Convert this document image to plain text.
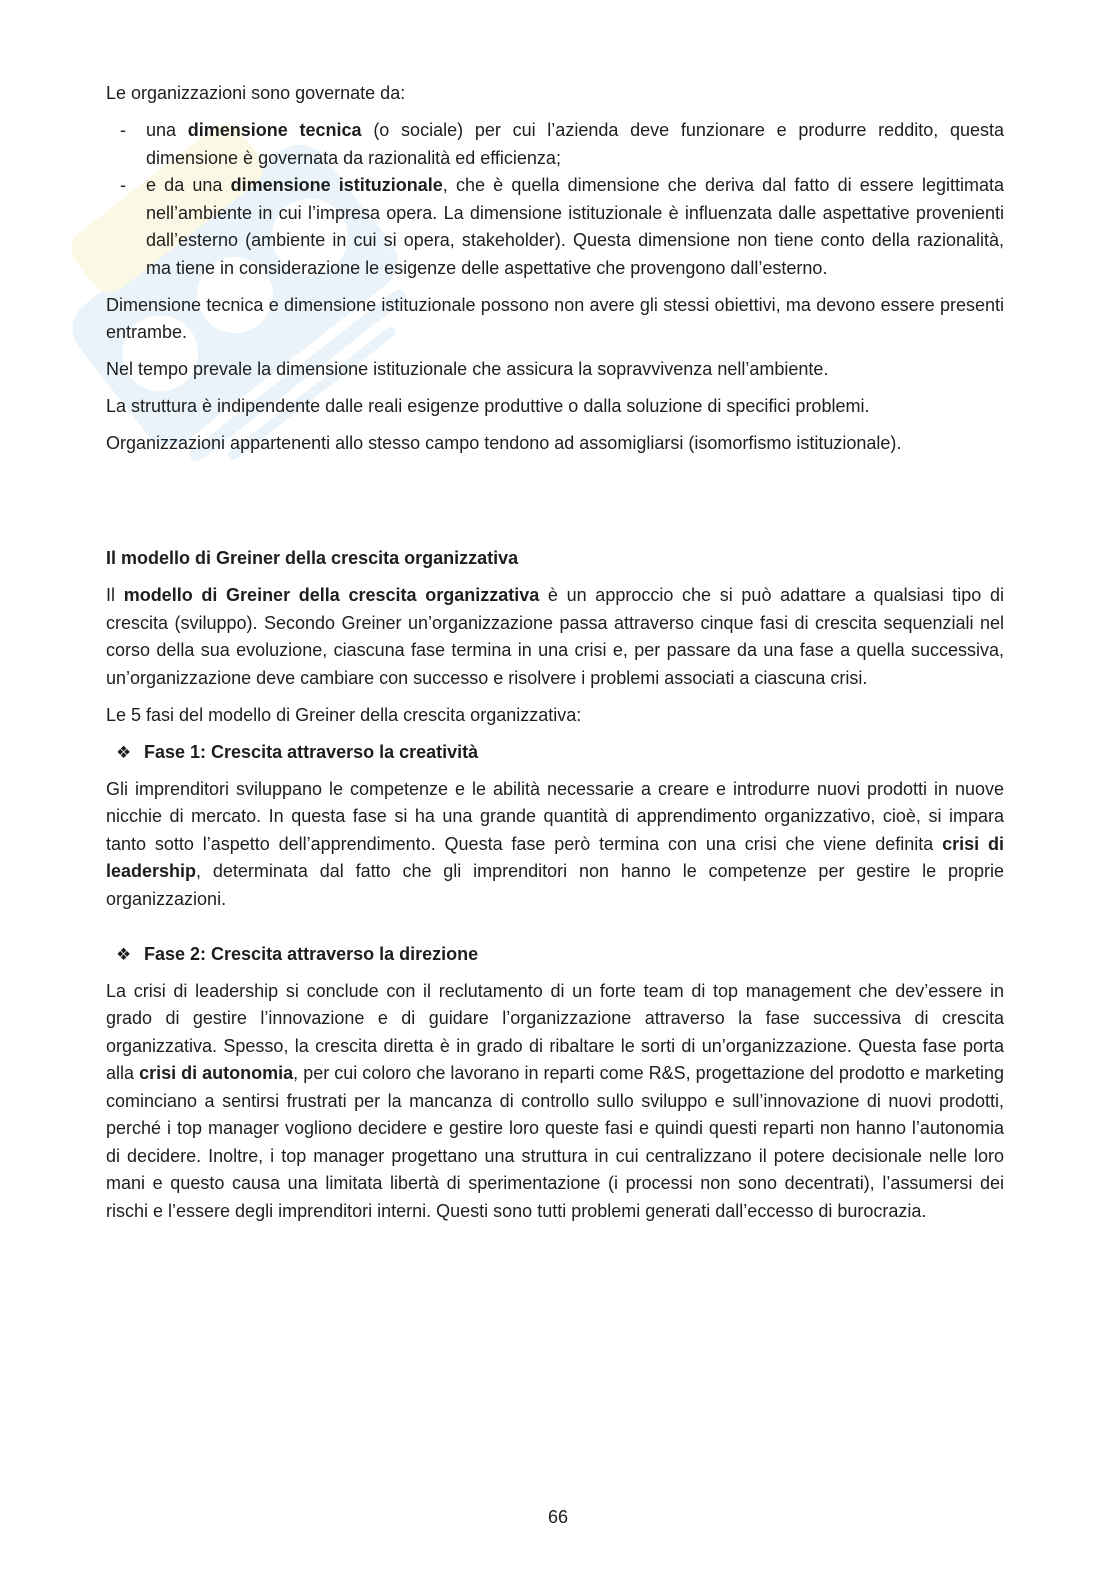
Le organizzazioni sono governate da:

- una dimensione tecnica (o sociale) per cui l’azienda deve funzionare e produrre reddito, questa dimensione è governata da razionalità ed efficienza;
- e da una dimensione istituzionale, che è quella dimensione che deriva dal fatto di essere legittimata nell’ambiente in cui l’impresa opera. La dimensione istituzionale è influenzata dalle aspettative provenienti dall’esterno (ambiente in cui si opera, stakeholder). Questa dimensione non tiene conto della razionalità, ma tiene in considerazione le esigenze delle aspettative che provengono dall’esterno.

Dimensione tecnica e dimensione istituzionale possono non avere gli stessi obiettivi, ma devono essere presenti entrambe.

Nel tempo prevale la dimensione istituzionale che assicura la sopravvivenza nell’ambiente.

La struttura è indipendente dalle reali esigenze produttive o dalla soluzione di specifici problemi.

Organizzazioni appartenenti allo stesso campo tendono ad assomigliarsi (isomorfismo istituzionale).

Il modello di Greiner della crescita organizzativa

Il modello di Greiner della crescita organizzativa è un approccio che si può adattare a qualsiasi tipo di crescita (sviluppo). Secondo Greiner un’organizzazione passa attraverso cinque fasi di crescita sequenziali nel corso della sua evoluzione, ciascuna fase termina in una crisi e, per passare da una fase a quella successiva, un’organizzazione deve cambiare con successo e risolvere i problemi associati a ciascuna crisi.

Le 5 fasi del modello di Greiner della crescita organizzativa:

❖ Fase 1: Crescita attraverso la creatività

Gli imprenditori sviluppano le competenze e le abilità necessarie a creare e introdurre nuovi prodotti in nuove nicchie di mercato. In questa fase si ha una grande quantità di apprendimento organizzativo, cioè, si impara tanto sotto l’aspetto dell’apprendimento. Questa fase però termina con una crisi che viene definita crisi di leadership, determinata dal fatto che gli imprenditori non hanno le competenze per gestire le proprie organizzazioni.

❖ Fase 2: Crescita attraverso la direzione

La crisi di leadership si conclude con il reclutamento di un forte team di top management che dev’essere in grado di gestire l’innovazione e di guidare l’organizzazione attraverso la fase successiva di crescita organizzativa. Spesso, la crescita diretta è in grado di ribaltare le sorti di un’organizzazione. Questa fase porta alla crisi di autonomia, per cui coloro che lavorano in reparti come R&S, progettazione del prodotto e marketing cominciano a sentirsi frustrati per la mancanza di controllo sullo sviluppo e sull’innovazione di nuovi prodotti, perché i top manager vogliono decidere e gestire loro queste fasi e quindi questi reparti non hanno l’autonomia di decidere. Inoltre, i top manager progettano una struttura in cui centralizzano il potere decisionale nelle loro mani e questo causa una limitata libertà di sperimentazione (i processi non sono decentrati), l’assumersi dei rischi e l’essere degli imprenditori interni. Questi sono tutti problemi generati dall’eccesso di burocrazia.

66
